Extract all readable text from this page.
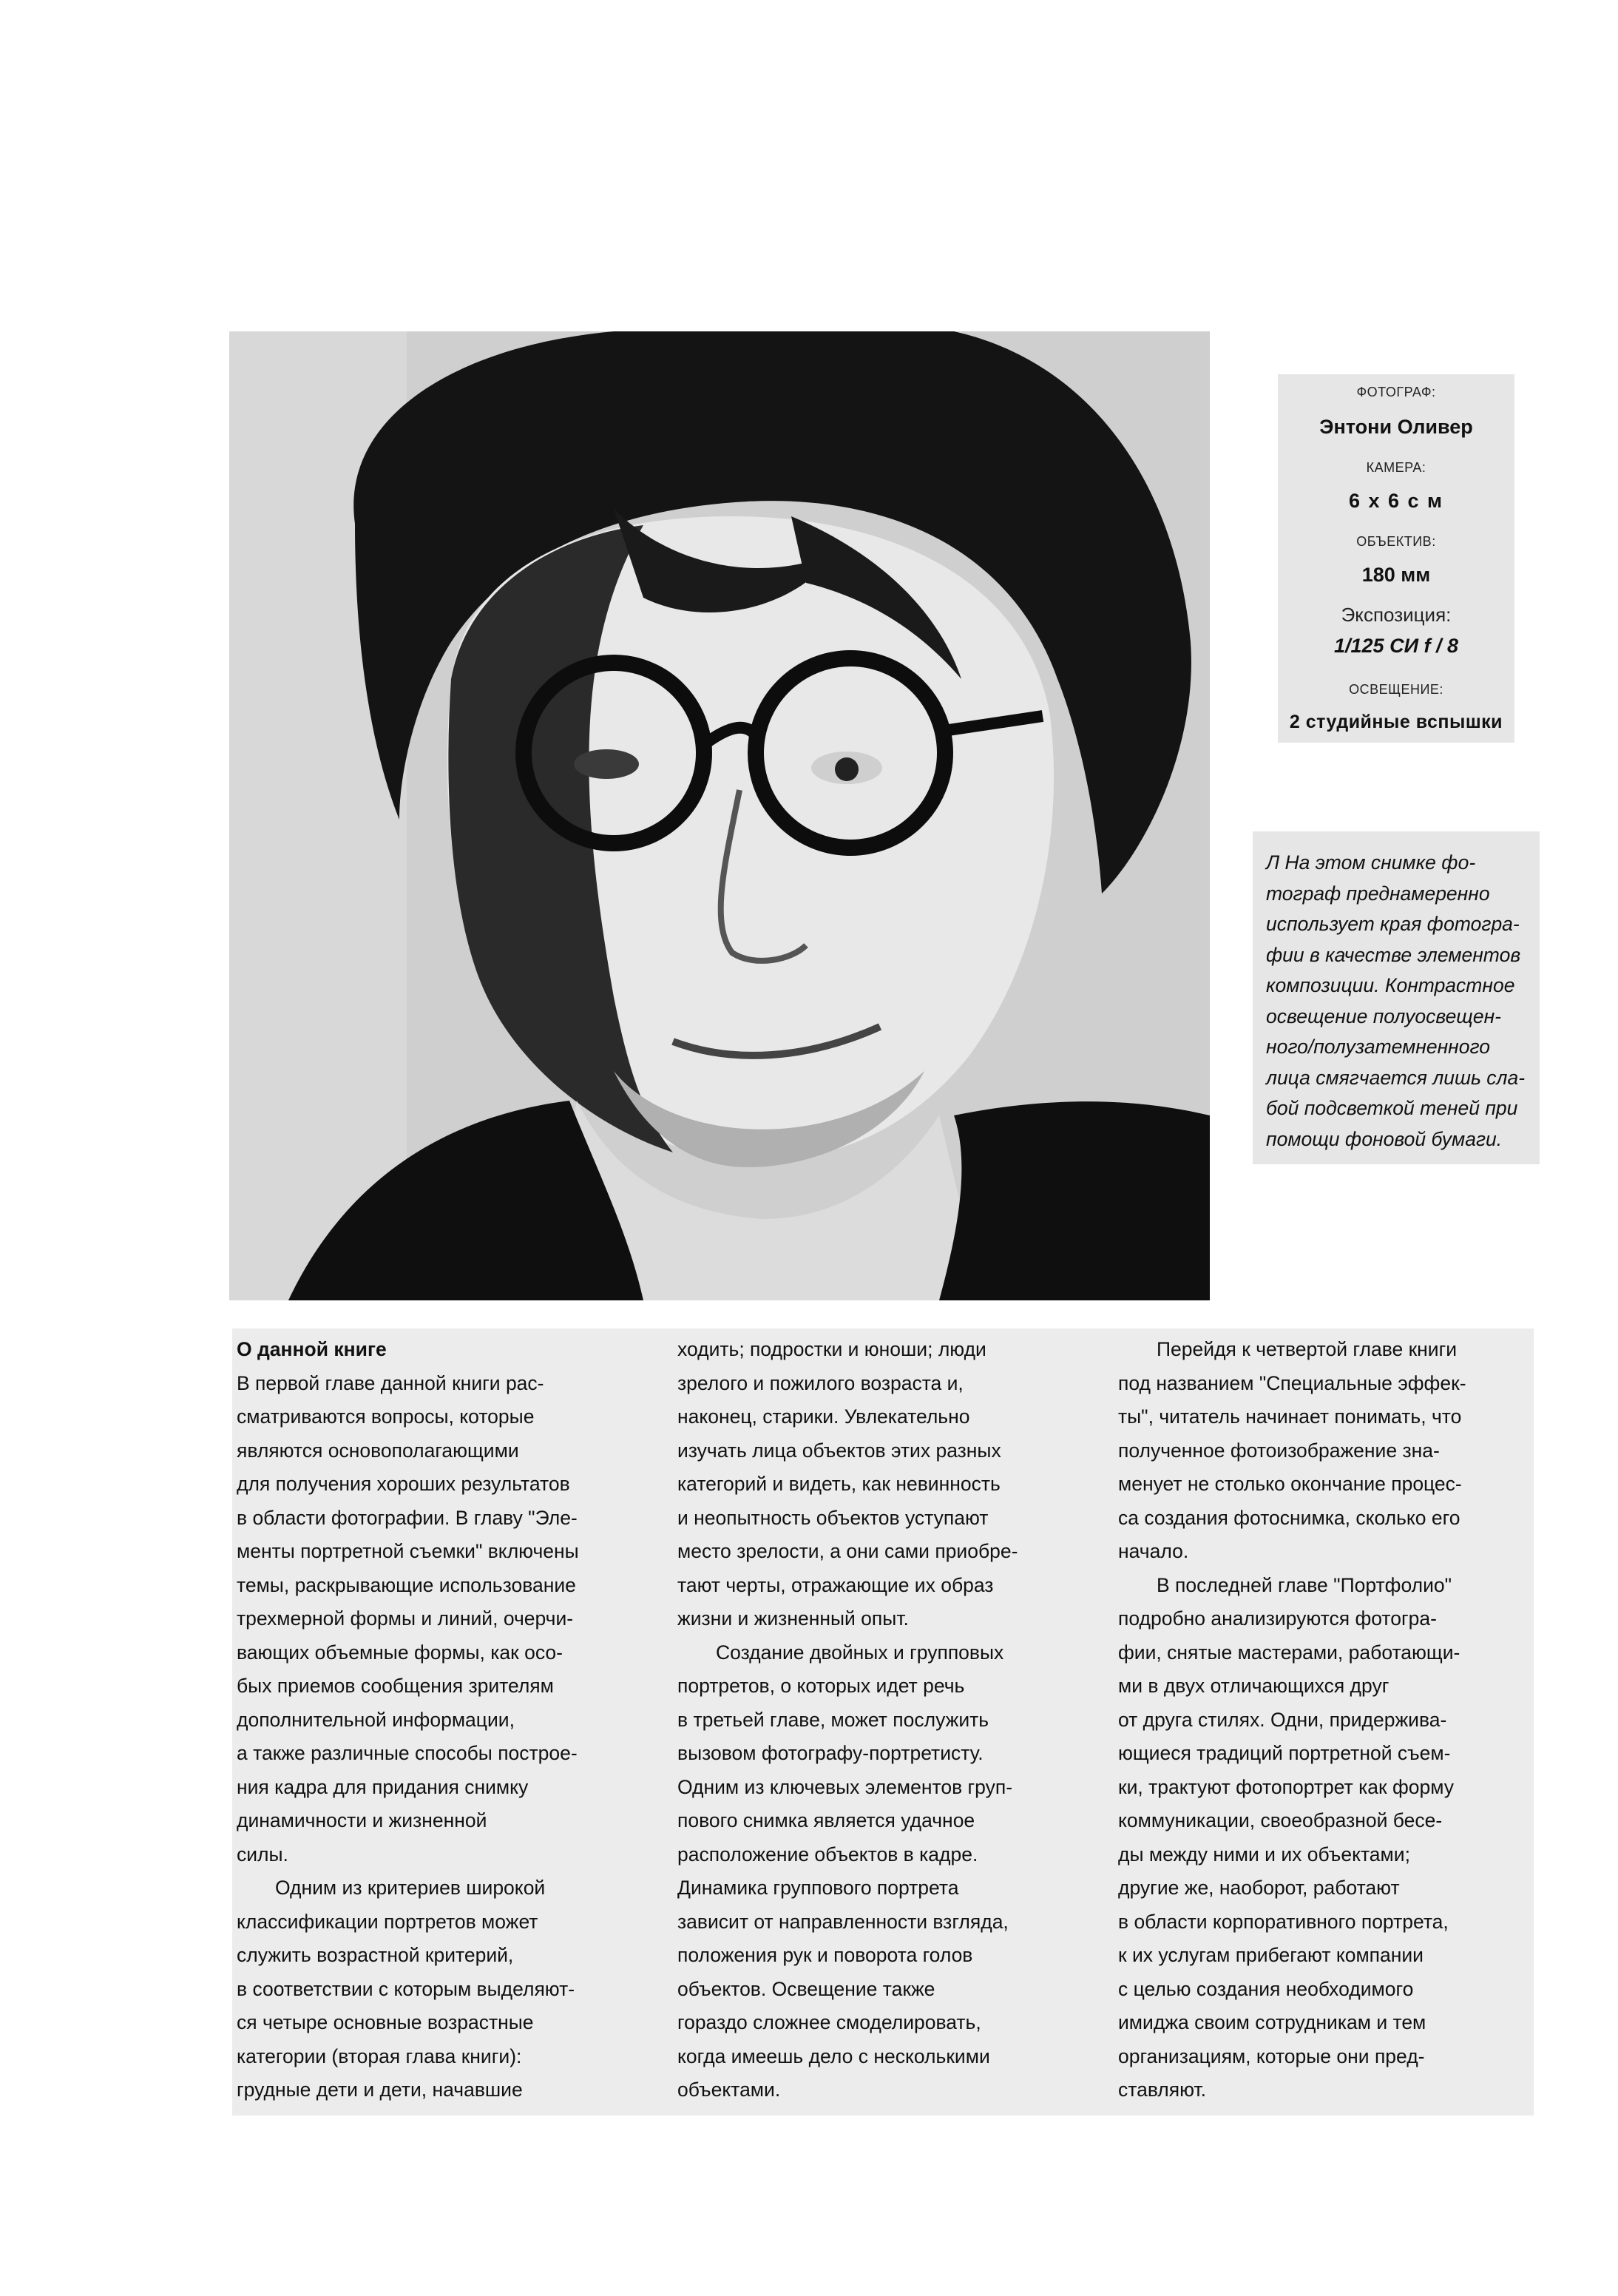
ФОТОГРАФ:
Энтони Оливер
КАМЕРА:
6 х 6 с м
ОБЪЕКТИВ:
180 мм
Экспозиция:
1/125 СИ f / 8
ОСВЕЩЕНИЕ:
2 студийные вспышки
Л На этом снимке фо-
тограф преднамеренно
использует края фотогра-
фии в качестве элементов
композиции. Контрастное
освещение полуосвещен-
ного/полузатемненного
лица смягчается лишь сла-
бой подсветкой теней при
помощи фоновой бумаги.

О данной книге

В первой главе данной книги рас-
сматриваются вопросы, которые
являются основополагающими
для получения хороших результатов
в области фотографии. В главу "Эле-
менты портретной съемки" включены
темы, раскрывающие использование
трехмерной формы и линий, очерчи-
вающих объемные формы, как осо-
бых приемов сообщения зрителям
дополнительной информации,
а также различные способы построе-
ния кадра для придания снимку
динамичности и жизненной
силы.

Одним из критериев широкой
классификации портретов может
служить возрастной критерий,
в соответствии с которым выделяют-
ся четыре основные возрастные
категории (вторая глава книги):
грудные дети и дети, начавшие

ходить; подростки и юноши; люди
зрелого и пожилого возраста и,
наконец, старики. Увлекательно
изучать лица объектов этих разных
категорий и видеть, как невинность
и неопытность объектов уступают
место зрелости, а они сами приобре-
тают черты, отражающие их образ
жизни и жизненный опыт.

Создание двойных и групповых
портретов, о которых идет речь
в третьей главе, может послужить
вызовом фотографу-портретисту.
Одним из ключевых элементов груп-
пового снимка является удачное
расположение объектов в кадре.
Динамика группового портрета
зависит от направленности взгляда,
положения рук и поворота голов
объектов. Освещение также
гораздо сложнее смоделировать,
когда имеешь дело с несколькими
объектами.

Перейдя к четвертой главе книги
под названием "Специальные эффек-
ты", читатель начинает понимать, что
полученное фотоизображение зна-
менует не столько окончание процес-
са создания фотоснимка, сколько его
начало.

В последней главе "Портфолио"
подробно анализируются фотогра-
фии, снятые мастерами, работающи-
ми в двух отличающихся друг
от друга стилях. Одни, придержива-
ющиеся традиций портретной съем-
ки, трактуют фотопортрет как форму
коммуникации, своеобразной бесе-
ды между ними и их объектами;
другие же, наоборот, работают
в области корпоративного портрета,
к их услугам прибегают компании
с целью создания необходимого
имиджа своим сотрудникам и тем
организациям, которые они пред-
ставляют.
